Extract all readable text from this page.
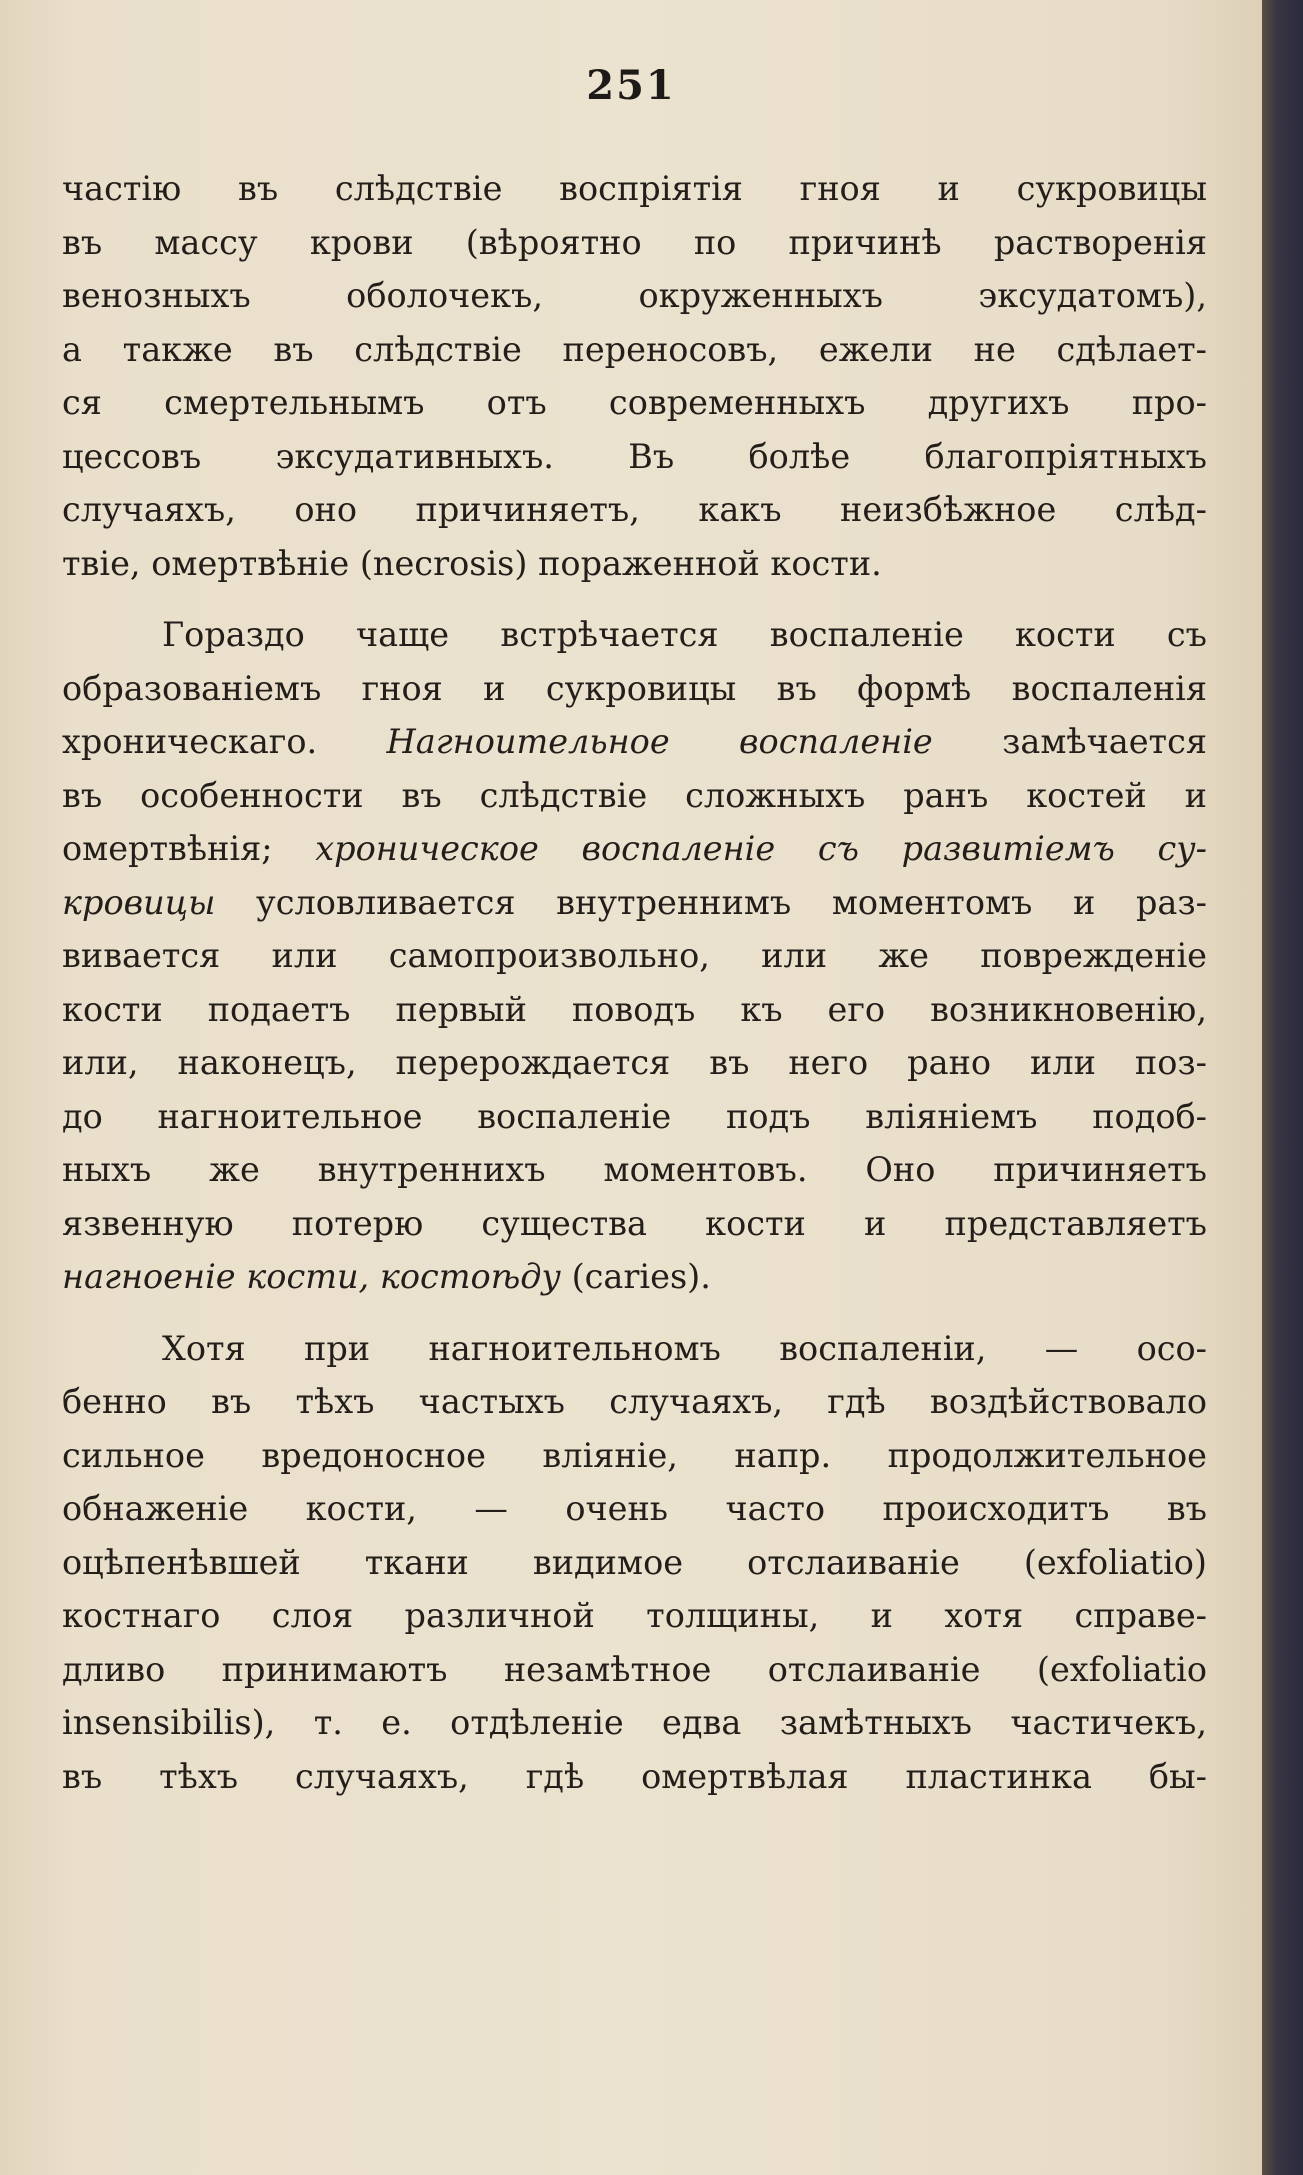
251
частію въ слѣдствіе воспріятія гноя и сукровицы
въ массу крови (вѣроятно по причинѣ растворенія
венозныхъ оболочекъ, окруженныхъ эксудатомъ),
а также въ слѣдствіе переносовъ, ежели не сдѣлает-
ся смертельнымъ отъ современныхъ другихъ про-
цессовъ эксудативныхъ. Въ болѣе благопріятныхъ
случаяхъ, оно причиняетъ, какъ неизбѣжное слѣд-
твіе, омертвѣніе (necrosis) пораженной кости.
Гораздо чаще встрѣчается воспаленіе кости съ
образованіемъ гноя и сукровицы въ формѣ воспаленія
хроническаго. Нагноительное воспаленіе замѣчается
въ особенности въ слѣдствіе сложныхъ ранъ костей и
омертвѣнія; хроническое воспаленіе съ развитіемъ су-
кровицы условливается внутреннимъ моментомъ и раз-
вивается или самопроизвольно, или же поврежденіе
кости подаетъ первый поводъ къ его возникновенію,
или, наконецъ, перерождается въ него рано или поз-
до нагноительное воспаленіе подъ вліяніемъ подоб-
ныхъ же внутреннихъ моментовъ. Оно причиняетъ
язвенную потерю существа кости и представляетъ
нагноеніе кости, костоѣду (caries).
Хотя при нагноительномъ воспаленіи, — осо-
бенно въ тѣхъ частыхъ случаяхъ, гдѣ воздѣйствовало
сильное вредоносное вліяніе, напр. продолжительное
обнаженіе кости, — очень часто происходитъ въ
оцѣпенѣвшей ткани видимое отслаиваніе (exfoliatio)
костнаго слоя различной толщины, и хотя справе-
дливо принимаютъ незамѣтное отслаиваніе (exfoliatio
insensibilis), т. е. отдѣленіе едва замѣтныхъ частичекъ,
въ тѣхъ случаяхъ, гдѣ омертвѣлая пластинка бы-
